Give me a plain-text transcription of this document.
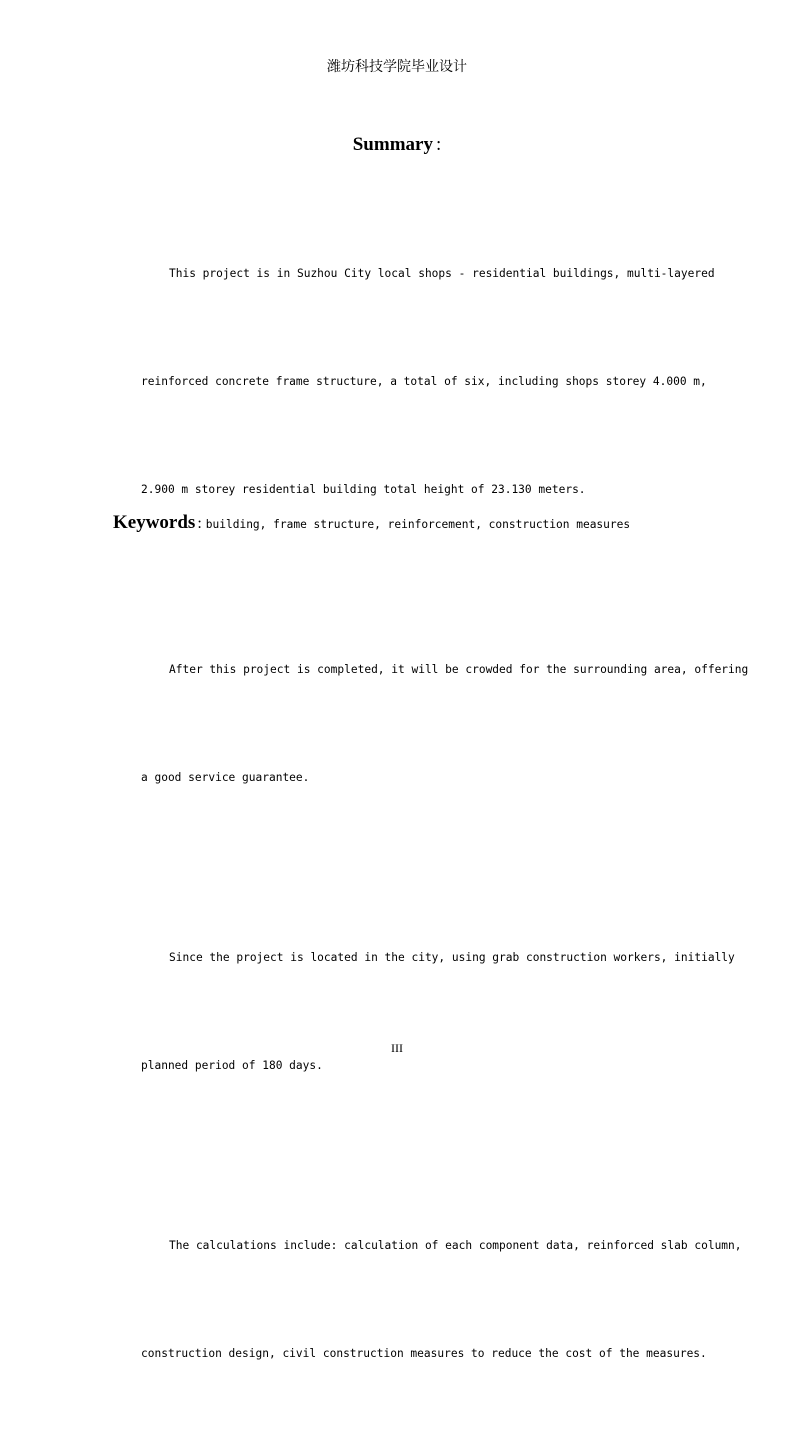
潍坊科技学院毕业设计
Summary :

This project is in Suzhou City local shops - residential buildings, multi-layered

reinforced concrete frame structure, a total of six, including shops storey 4.000 m,

2.900 m storey residential building total height of 23.130 meters.

After this project is completed, it will be crowded for the surrounding area, offering

a good service guarantee.

Since the project is located in the city, using grab construction workers, initially

planned period of 180 days.

The calculations include: calculation of each component data, reinforced slab column,

construction design, civil construction measures to reduce the cost of the measures.

Keywords : building, frame structure, reinforcement, construction measures
III
